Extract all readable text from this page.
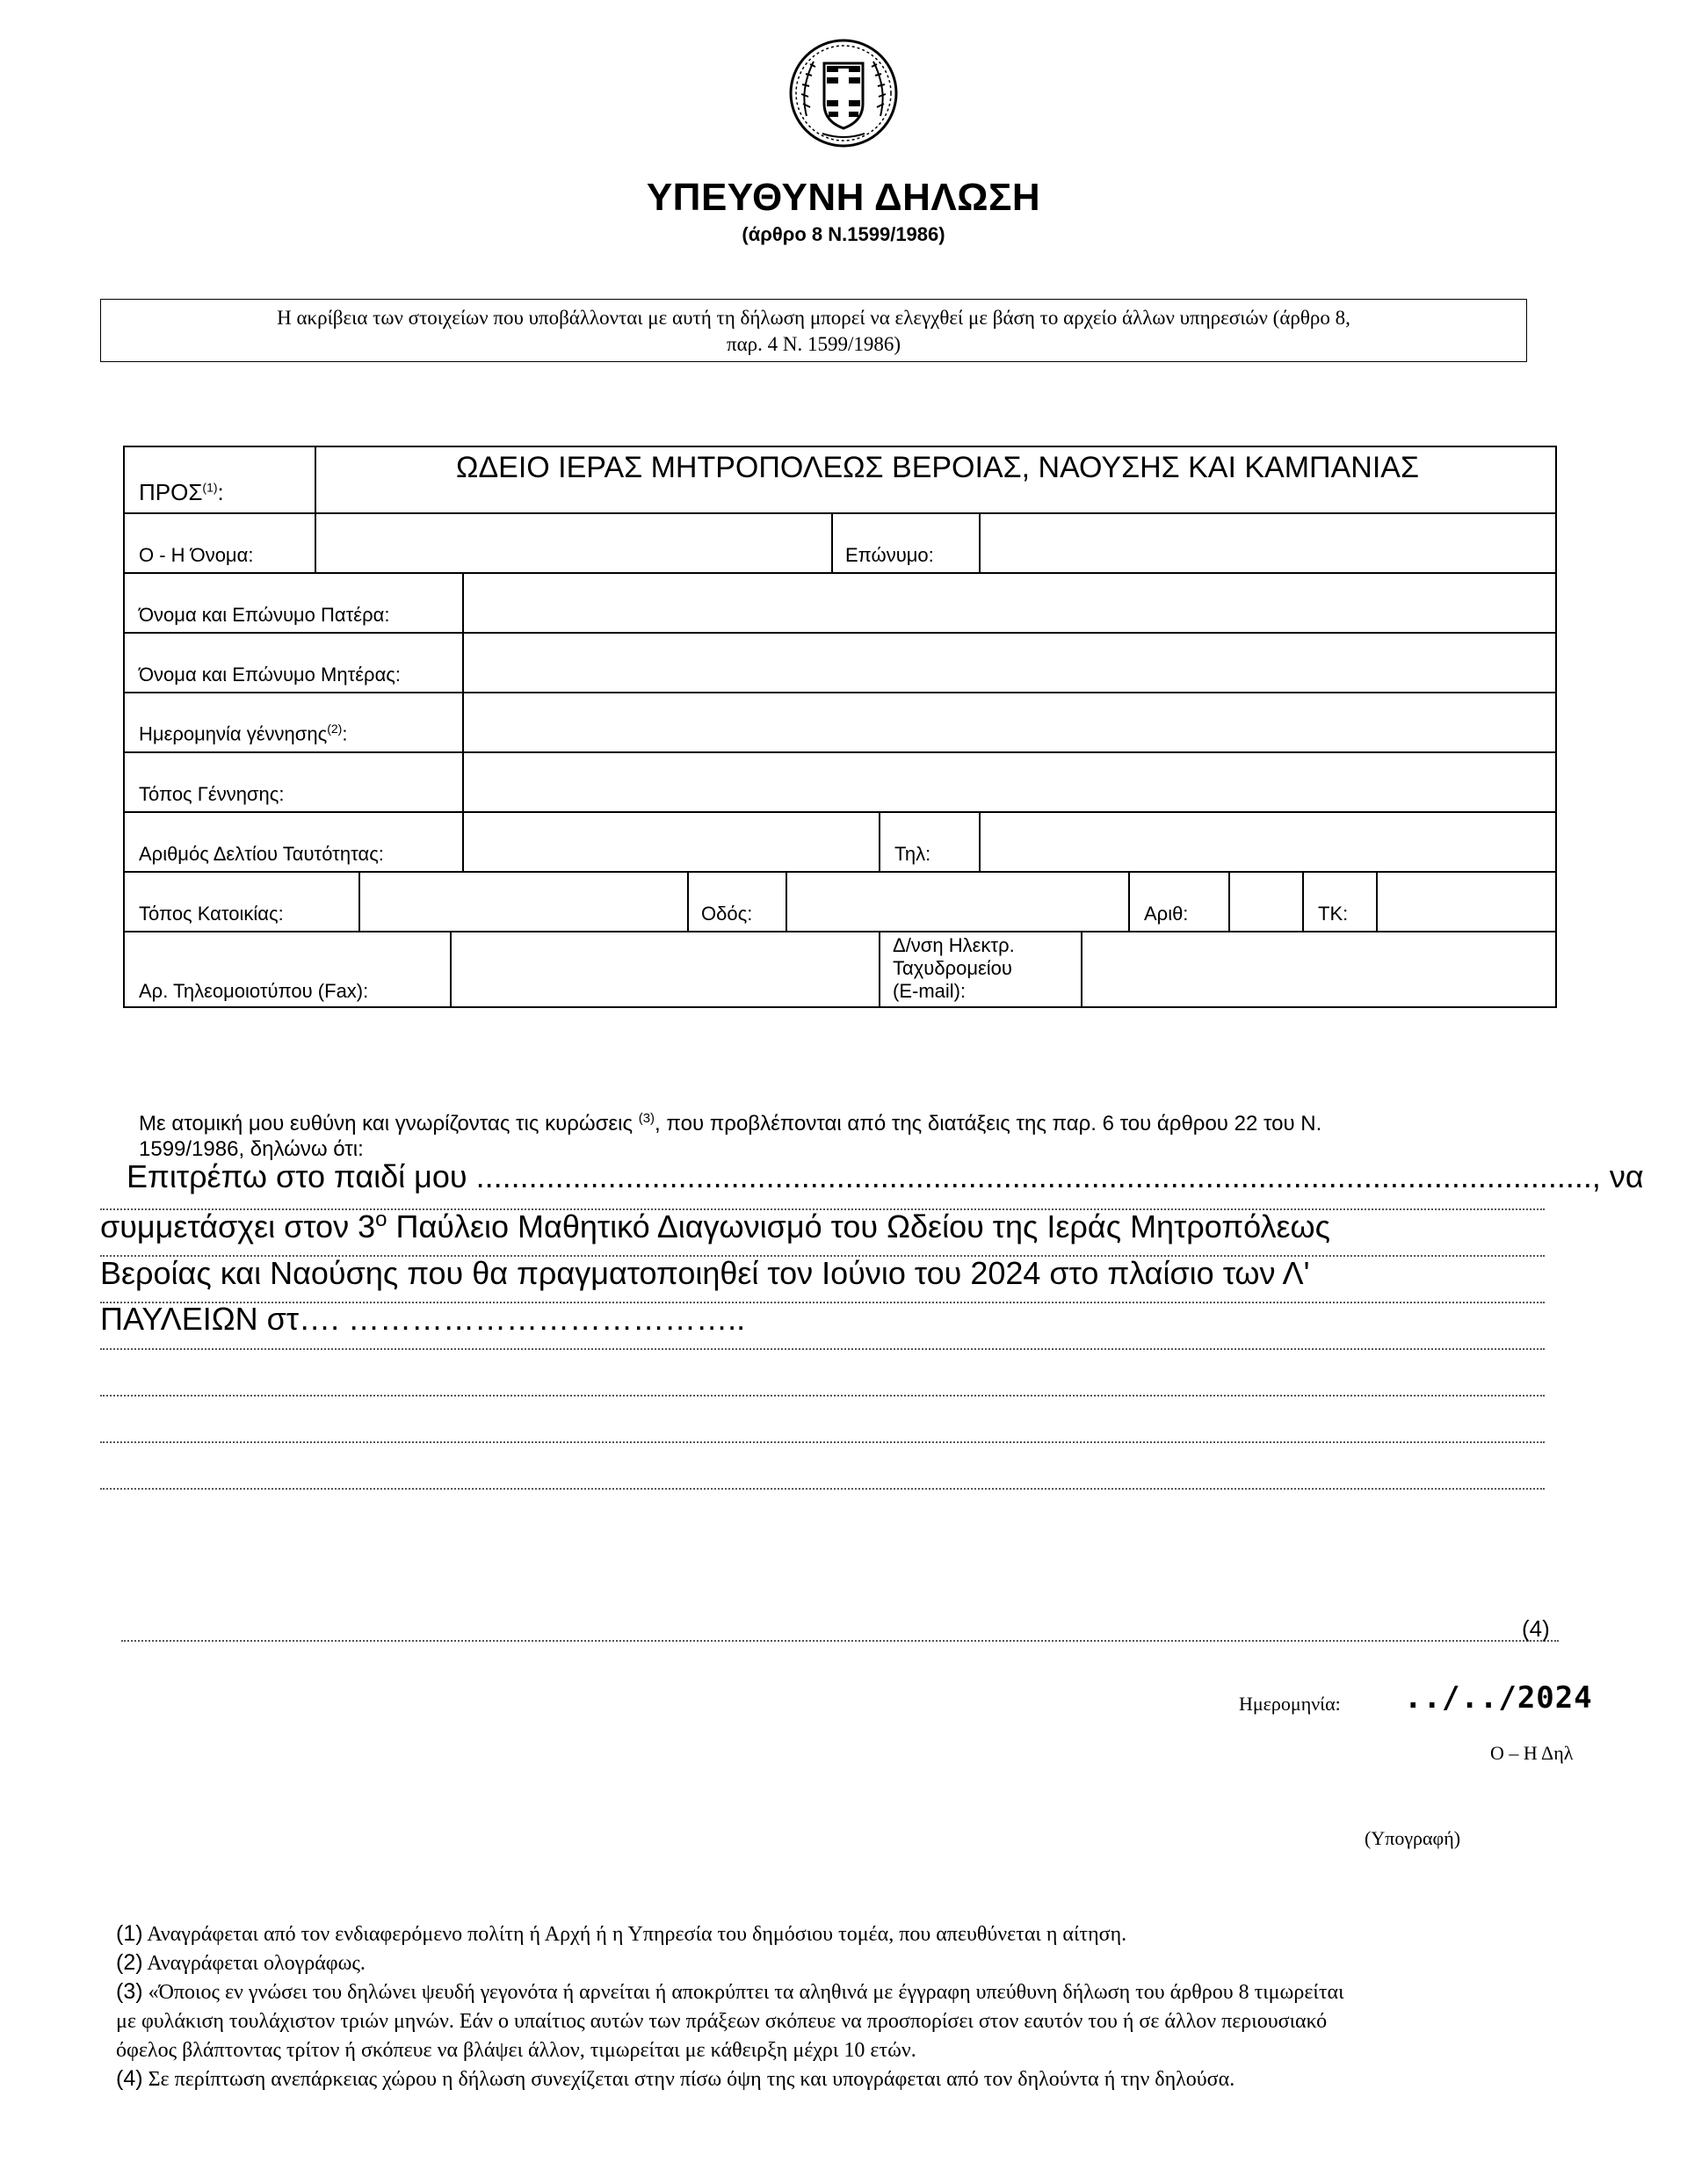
ΥΠΕΥΘΥΝΗ ΔΗΛΩΣΗ
(άρθρο 8 Ν.1599/1986)
Η ακρίβεια των στοιχείων που υποβάλλονται με αυτή τη δήλωση μπορεί να ελεγχθεί με βάση το αρχείο άλλων υπηρεσιών (άρθρο 8,
παρ. 4 Ν. 1599/1986)
ΠΡΟΣ$^{(1)}$:
ΩΔΕΙΟ ΙΕΡΑΣ ΜΗΤΡΟΠΟΛΕΩΣ ΒΕΡΟΙΑΣ, ΝΑΟΥΣΗΣ ΚΑΙ ΚΑΜΠΑΝΙΑΣ
Ο - Η Όνομα:	Επώνυμο:
Όνομα και Επώνυμο Πατέρα:
Όνομα και Επώνυμο Μητέρας:
Ημερομηνία γέννησης$^{(2)}$:
Τόπος Γέννησης:
Αριθμός Δελτίου Ταυτότητας:	Τηλ:
Τόπος Κατοικίας:	Οδός:	Αριθ:	ΤΚ:
Αρ. Τηλεομοιοτύπου (Fax):
Δ/νση Ηλεκτρ.
Ταχυδρομείου
(E-mail):
Με ατομική μου ευθύνη και γνωρίζοντας τις κυρώσεις $^{(3)}$, που προβλέπονται από της διατάξεις της παρ. 6 του άρθρου 22 του Ν.
1599/1986, δηλώνω ότι:
Επιτρέπω στο παιδί μου ..............................................................................................................................., να
συμμετάσχει στον $3^o$ Παύλειο Μαθητικό Διαγωνισμό του Ωδείου της Ιεράς Μητροπόλεως
Βεροίας και Ναούσης που θα πραγματοποιηθεί τον Ιούνιο του 2024 στο πλαίσιο των Λ'
ΠΑΥΛΕΙΩΝ στ…. ………………………………..
(4)
Ημερομηνία: ../../2024
Ο – Η Δηλ
(Υπογραφή)
(1) Αναγράφεται από τον ενδιαφερόμενο πολίτη ή Αρχή ή η Υπηρεσία του δημόσιου τομέα, που απευθύνεται η αίτηση.
(2) Αναγράφεται ολογράφως.
(3) «Όποιος εν γνώσει του δηλώνει ψευδή γεγονότα ή αρνείται ή αποκρύπτει τα αληθινά με έγγραφη υπεύθυνη δήλωση του άρθρου 8 τιμωρείται
με φυλάκιση τουλάχιστον τριών μηνών. Εάν ο υπαίτιος αυτών των πράξεων σκόπευε να προσπορίσει στον εαυτόν του ή σε άλλον περιουσιακό
όφελος βλάπτοντας τρίτον ή σκόπευε να βλάψει άλλον, τιμωρείται με κάθειρξη μέχρι 10 ετών.
(4) Σε περίπτωση ανεπάρκειας χώρου η δήλωση συνεχίζεται στην πίσω όψη της και υπογράφεται από τον δηλούντα ή την δηλούσα.
